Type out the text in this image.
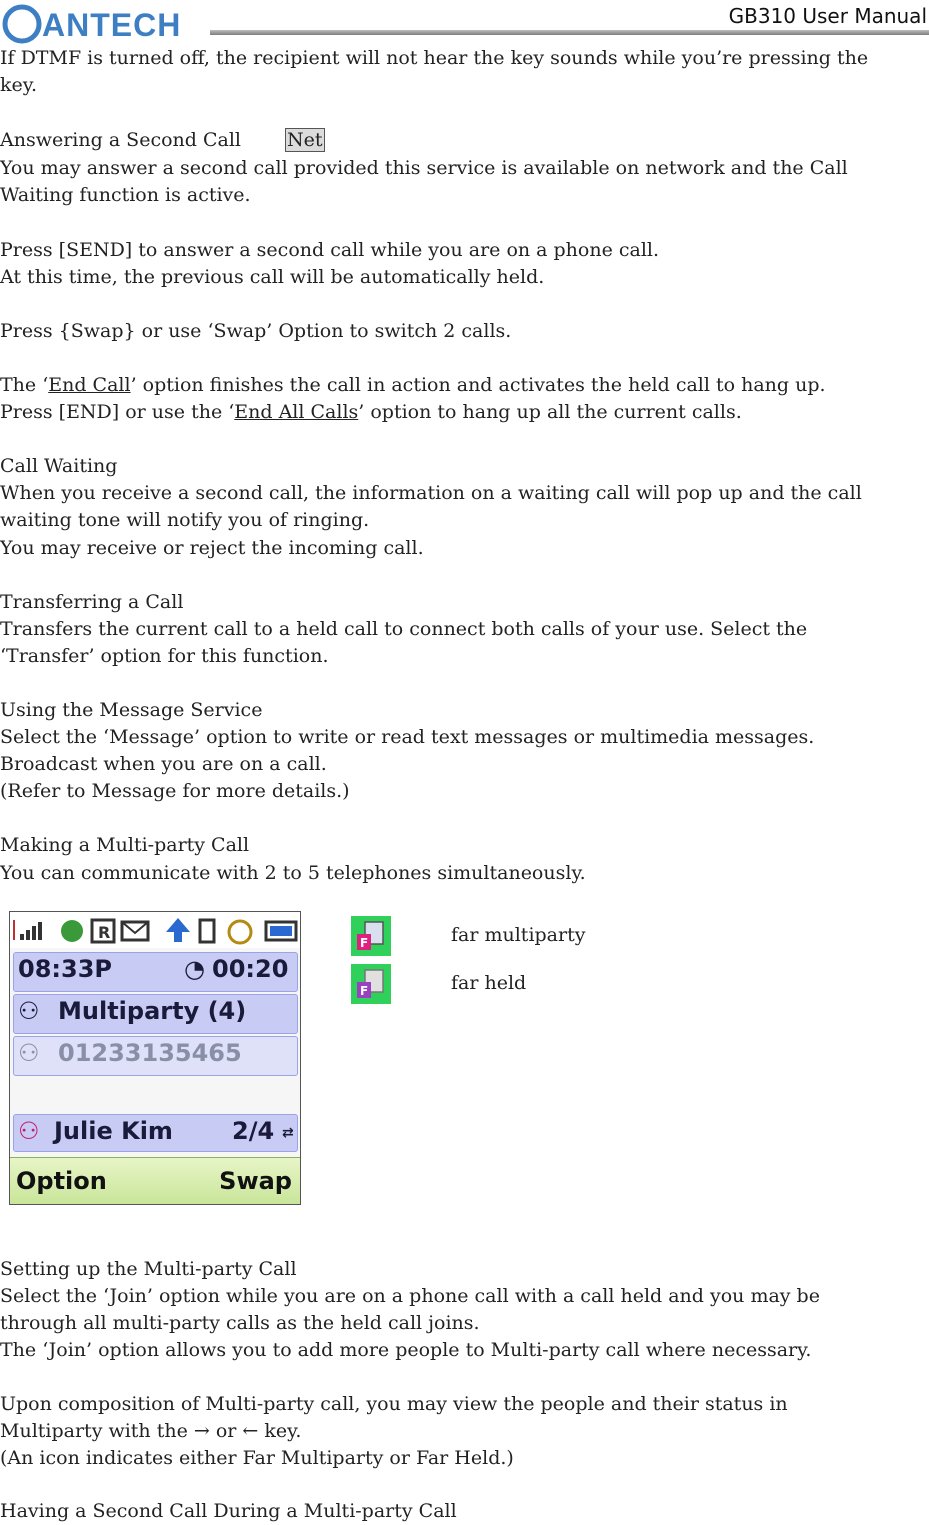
ANTECH	GB310 User Manual
If DTMF is turned off, the recipient will not hear the key sounds while you’re pressing the
key.
Answering a Second Call Net
You may answer a second call provided this service is available on network and the Call
Waiting function is active.
Press [SEND] to answer a second call while you are on a phone call.
At this time, the previous call will be automatically held.
Press {Swap} or use ‘Swap’ Option to switch 2 calls.
The ‘End Call’ option finishes the call in action and activates the held call to hang up.
Press [END] or use the ‘End All Calls’ option to hang up all the current calls.
Call Waiting
When you receive a second call, the information on a waiting call will pop up and the call
waiting tone will notify you of ringing.
You may receive or reject the incoming call.
Transferring a Call
Transfers the current call to a held call to connect both calls of your use. Select the
‘Transfer’ option for this function.
Using the Message Service
Select the ‘Message’ option to write or read text messages or multimedia messages.
Broadcast when you are on a call.
(Refer to Message for more details.)
Making a Multi-party Call
You can communicate with 2 to 5 telephones simultaneously.
R
08:33P	◔ 00:20
⚇ Multiparty (4)
⚇ 01233135465
⚇ Julie Kim 2/4 ⇄
Option	Swap
F	far multiparty
F	far held
Setting up the Multi-party Call
Select the ‘Join’ option while you are on a phone call with a call held and you may be
through all multi-party calls as the held call joins.
The ‘Join’ option allows you to add more people to Multi-party call where necessary.
Upon composition of Multi-party call, you may view the people and their status in
Multiparty with the → or ← key.
(An icon indicates either Far Multiparty or Far Held.)
Having a Second Call During a Multi-party Call
